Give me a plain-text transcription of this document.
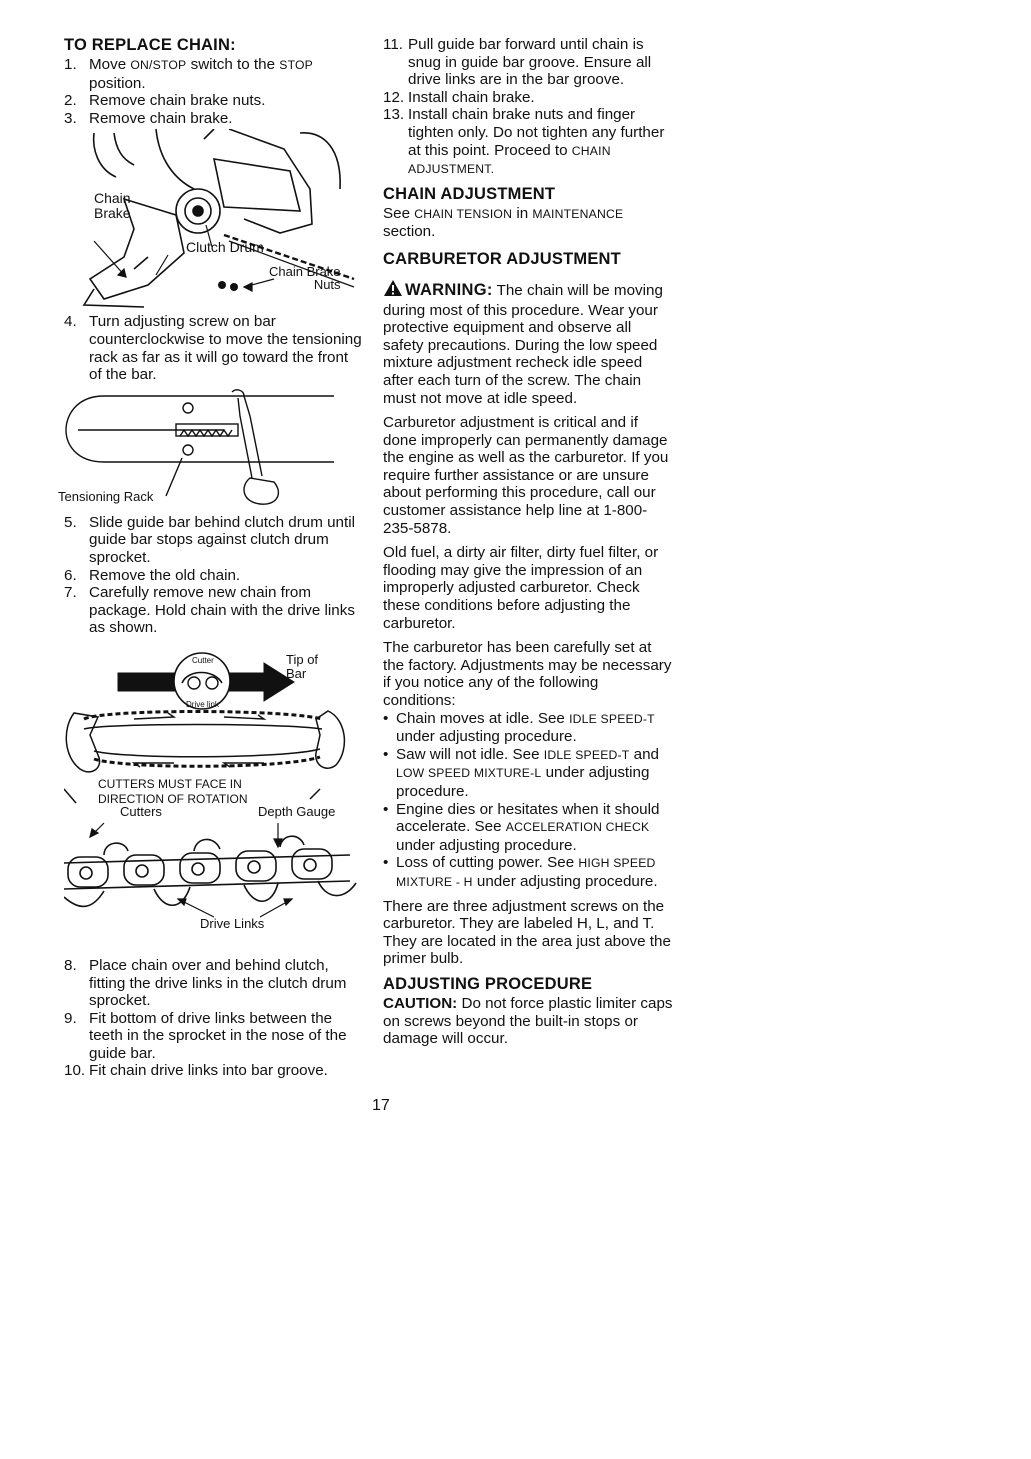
TO REPLACE CHAIN:
1. Move ON/STOP switch to the STOP position.
2. Remove chain brake nuts.
3. Remove chain brake.
Chain
Brake
Clutch Drum
Chain Brake
Nuts
4. Turn adjusting screw on bar counterclockwise to move the tensioning rack as far as it will go toward the front of the bar.
Tensioning Rack
5. Slide guide bar behind clutch drum until guide bar stops against clutch drum sprocket.
6. Remove the old chain.
7. Carefully remove new chain from package. Hold chain with the drive links as shown.
Cutter
Drive link
Tip of
Bar
CUTTERS MUST FACE IN
DIRECTION OF ROTATION
Cutters	Depth Gauge
Drive Links
8. Place chain over and behind clutch, fitting the drive links in the clutch drum sprocket.
9. Fit bottom of drive links between the teeth in the sprocket in the nose of the guide bar.
10. Fit chain drive links into bar groove.
11. Pull guide bar forward until chain is snug in guide bar groove. Ensure all drive links are in the bar groove.
12. Install chain brake.
13. Install chain brake nuts and finger tighten only. Do not tighten any further at this point. Proceed to CHAIN ADJUSTMENT.
CHAIN ADJUSTMENT

See CHAIN TENSION in MAINTENANCE section.

CARBURETOR ADJUSTMENT

WARNING: The chain will be moving during most of this procedure. Wear your protective equipment and observe all safety precautions. During the low speed mixture adjustment recheck idle speed after each turn of the screw. The chain must not move at idle speed.

Carburetor adjustment is critical and if done improperly can permanently damage the engine as well as the carburetor. If you require further assistance or are unsure about performing this procedure, call our customer assistance help line at 1-800-235-5878.

Old fuel, a dirty air filter, dirty fuel filter, or flooding may give the impression of an improperly adjusted carburetor. Check these conditions before adjusting the carburetor.

The carburetor has been carefully set at the factory. Adjustments may be necessary if you notice any of the following conditions:

• Chain moves at idle. See IDLE SPEED-T under adjusting procedure.
• Saw will not idle. See IDLE SPEED-T and LOW SPEED MIXTURE-L under adjusting procedure.
• Engine dies or hesitates when it should accelerate. See ACCELERATION CHECK under adjusting procedure.
• Loss of cutting power. See HIGH SPEED MIXTURE - H under adjusting procedure.

There are three adjustment screws on the carburetor. They are labeled H, L, and T. They are located in the area just above the primer bulb.

ADJUSTING PROCEDURE

CAUTION: Do not force plastic limiter caps on screws beyond the built-in stops or damage will occur.

17
